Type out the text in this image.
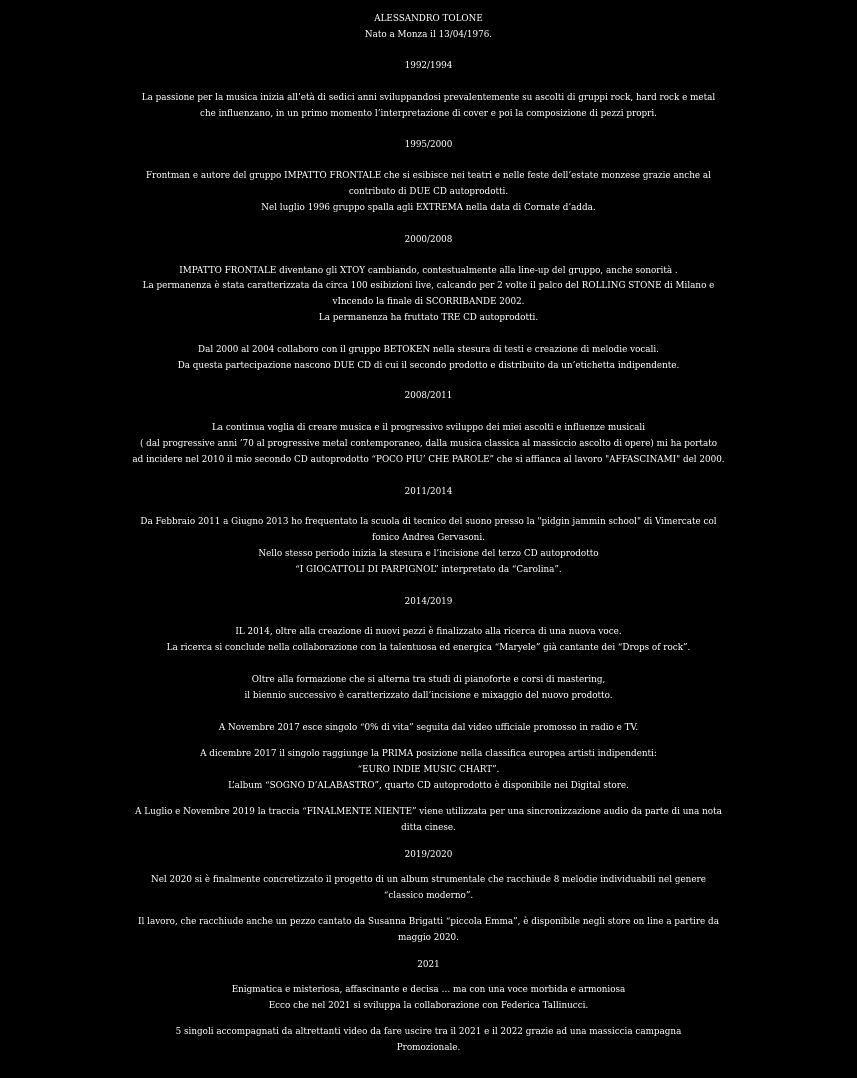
ALESSANDRO TOLONE
Nato a Monza il 13/04/1976.
1992/1994
La passione per la musica inizia all’età di sedici anni sviluppandosi prevalentemente su ascolti di gruppi rock, hard rock e metal
che influenzano, in un primo momento l’interpretazione di cover e poi la composizione di pezzi propri.
1995/2000
Frontman e autore del gruppo IMPATTO FRONTALE che si esibisce nei teatri e nelle feste dell’estate monzese grazie anche al
contributo di DUE CD autoprodotti.
Nel luglio 1996 gruppo spalla agli EXTREMA nella data di Cornate d’adda.
2000/2008
IMPATTO FRONTALE diventano gli XTOY cambiando, contestualmente alla line-up del gruppo, anche sonorità .
La permanenza è stata caratterizzata da circa 100 esibizioni live, calcando per 2 volte il palco del ROLLING STONE di Milano e
vIncendo la finale di SCORRIBANDE 2002.
La permanenza ha fruttato TRE CD autoprodotti.
Dal 2000 al 2004 collaboro con il gruppo BETOKEN nella stesura di testi e creazione di melodie vocali.
Da questa partecipazione nascono DUE CD di cui il secondo prodotto e distribuito da un’etichetta indipendente.
2008/2011
La continua voglia di creare musica e il progressivo sviluppo dei miei ascolti e influenze musicali
( dal progressive anni ’70 al progressive metal contemporaneo, dalla musica classica al massiccio ascolto di opere) mi ha portato
ad incidere nel 2010 il mio secondo CD autoprodotto “POCO PIU’ CHE PAROLE” che si affianca al lavoro "AFFASCINAMI" del 2000.
2011/2014
Da Febbraio 2011 a Giugno 2013 ho frequentato la scuola di tecnico del suono presso la "pidgin jammin school" di Vimercate col
fonico Andrea Gervasoni.
Nello stesso periodo inizia la stesura e l’incisione del terzo CD autoprodotto
“I GIOCATTOLI DI PARPIGNOL” interpretato da “Carolina”.
2014/2019
IL 2014, oltre alla creazione di nuovi pezzi è finalizzato alla ricerca di una nuova voce.
La ricerca si conclude nella collaborazione con la talentuosa ed energica “Maryele” già cantante dei “Drops of rock”.
Oltre alla formazione che si alterna tra studi di pianoforte e corsi di mastering,
il biennio successivo è caratterizzato dall’incisione e mixaggio del nuovo prodotto.
A Novembre 2017 esce singolo “0% di vita” seguita dal video ufficiale promosso in radio e TV.
A dicembre 2017 il singolo raggiunge la PRIMA posizione nella classifica europea artisti indipendenti:
“EURO INDIE MUSIC CHART”.
L’album “SOGNO D’ALABASTRO”, quarto CD autoprodotto è disponibile nei Digital store.
A Luglio e Novembre 2019 la traccia “FINALMENTE NIENTE” viene utilizzata per una sincronizzazione audio da parte di una nota
ditta cinese.
2019/2020
Nel 2020 si è finalmente concretizzato il progetto di un album strumentale che racchiude 8 melodie individuabili nel genere
“classico moderno”.
Il lavoro, che racchiude anche un pezzo cantato da Susanna Brigatti “piccola Emma”, è disponibile negli store on line a partire da
maggio 2020.
2021
Enigmatica e misteriosa, affascinante e decisa … ma con una voce morbida e armoniosa
Ecco che nel 2021 si sviluppa la collaborazione con Federica Tallinucci.
5 singoli accompagnati da altrettanti video da fare uscire tra il 2021 e il 2022 grazie ad una massiccia campagna
Promozionale.
